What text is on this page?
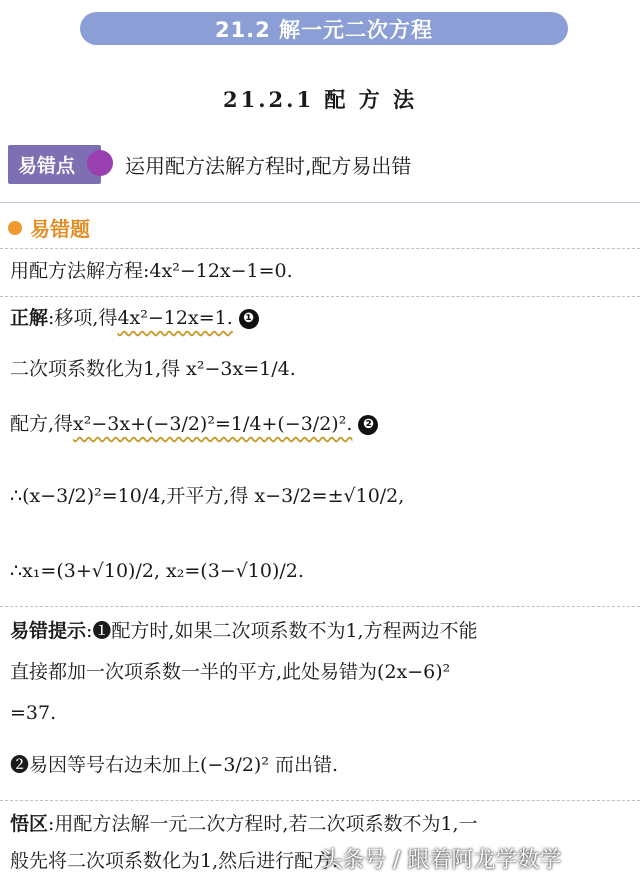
21.2 解一元二次方程
21.2.1 配 方 法
易错点	运用配方法解方程时,配方易出错
易错题
用配方法解方程:4x²−12x−1=0.
正解:移项,得4x²−12x=1. ❶
二次项系数化为1,得 x²−3x=1/4.
配方,得x²−3x+(−3/2)²=1/4+(−3/2)². ❷
∴(x−3/2)²=10/4,开平方,得 x−3/2=±√10/2,
∴x₁=(3+√10)/2, x₂=(3−√10)/2.
易错提示:❶配方时,如果二次项系数不为1,方程两边不能
直接都加一次项系数一半的平方,此处易错为(2x−6)²
=37.
❷易因等号右边未加上(−3/2)² 而出错.
悟区:用配方法解一元二次方程时,若二次项系数不为1,一
般先将二次项系数化为1,然后进行配方.
头条号 / 跟着阿龙学数学
